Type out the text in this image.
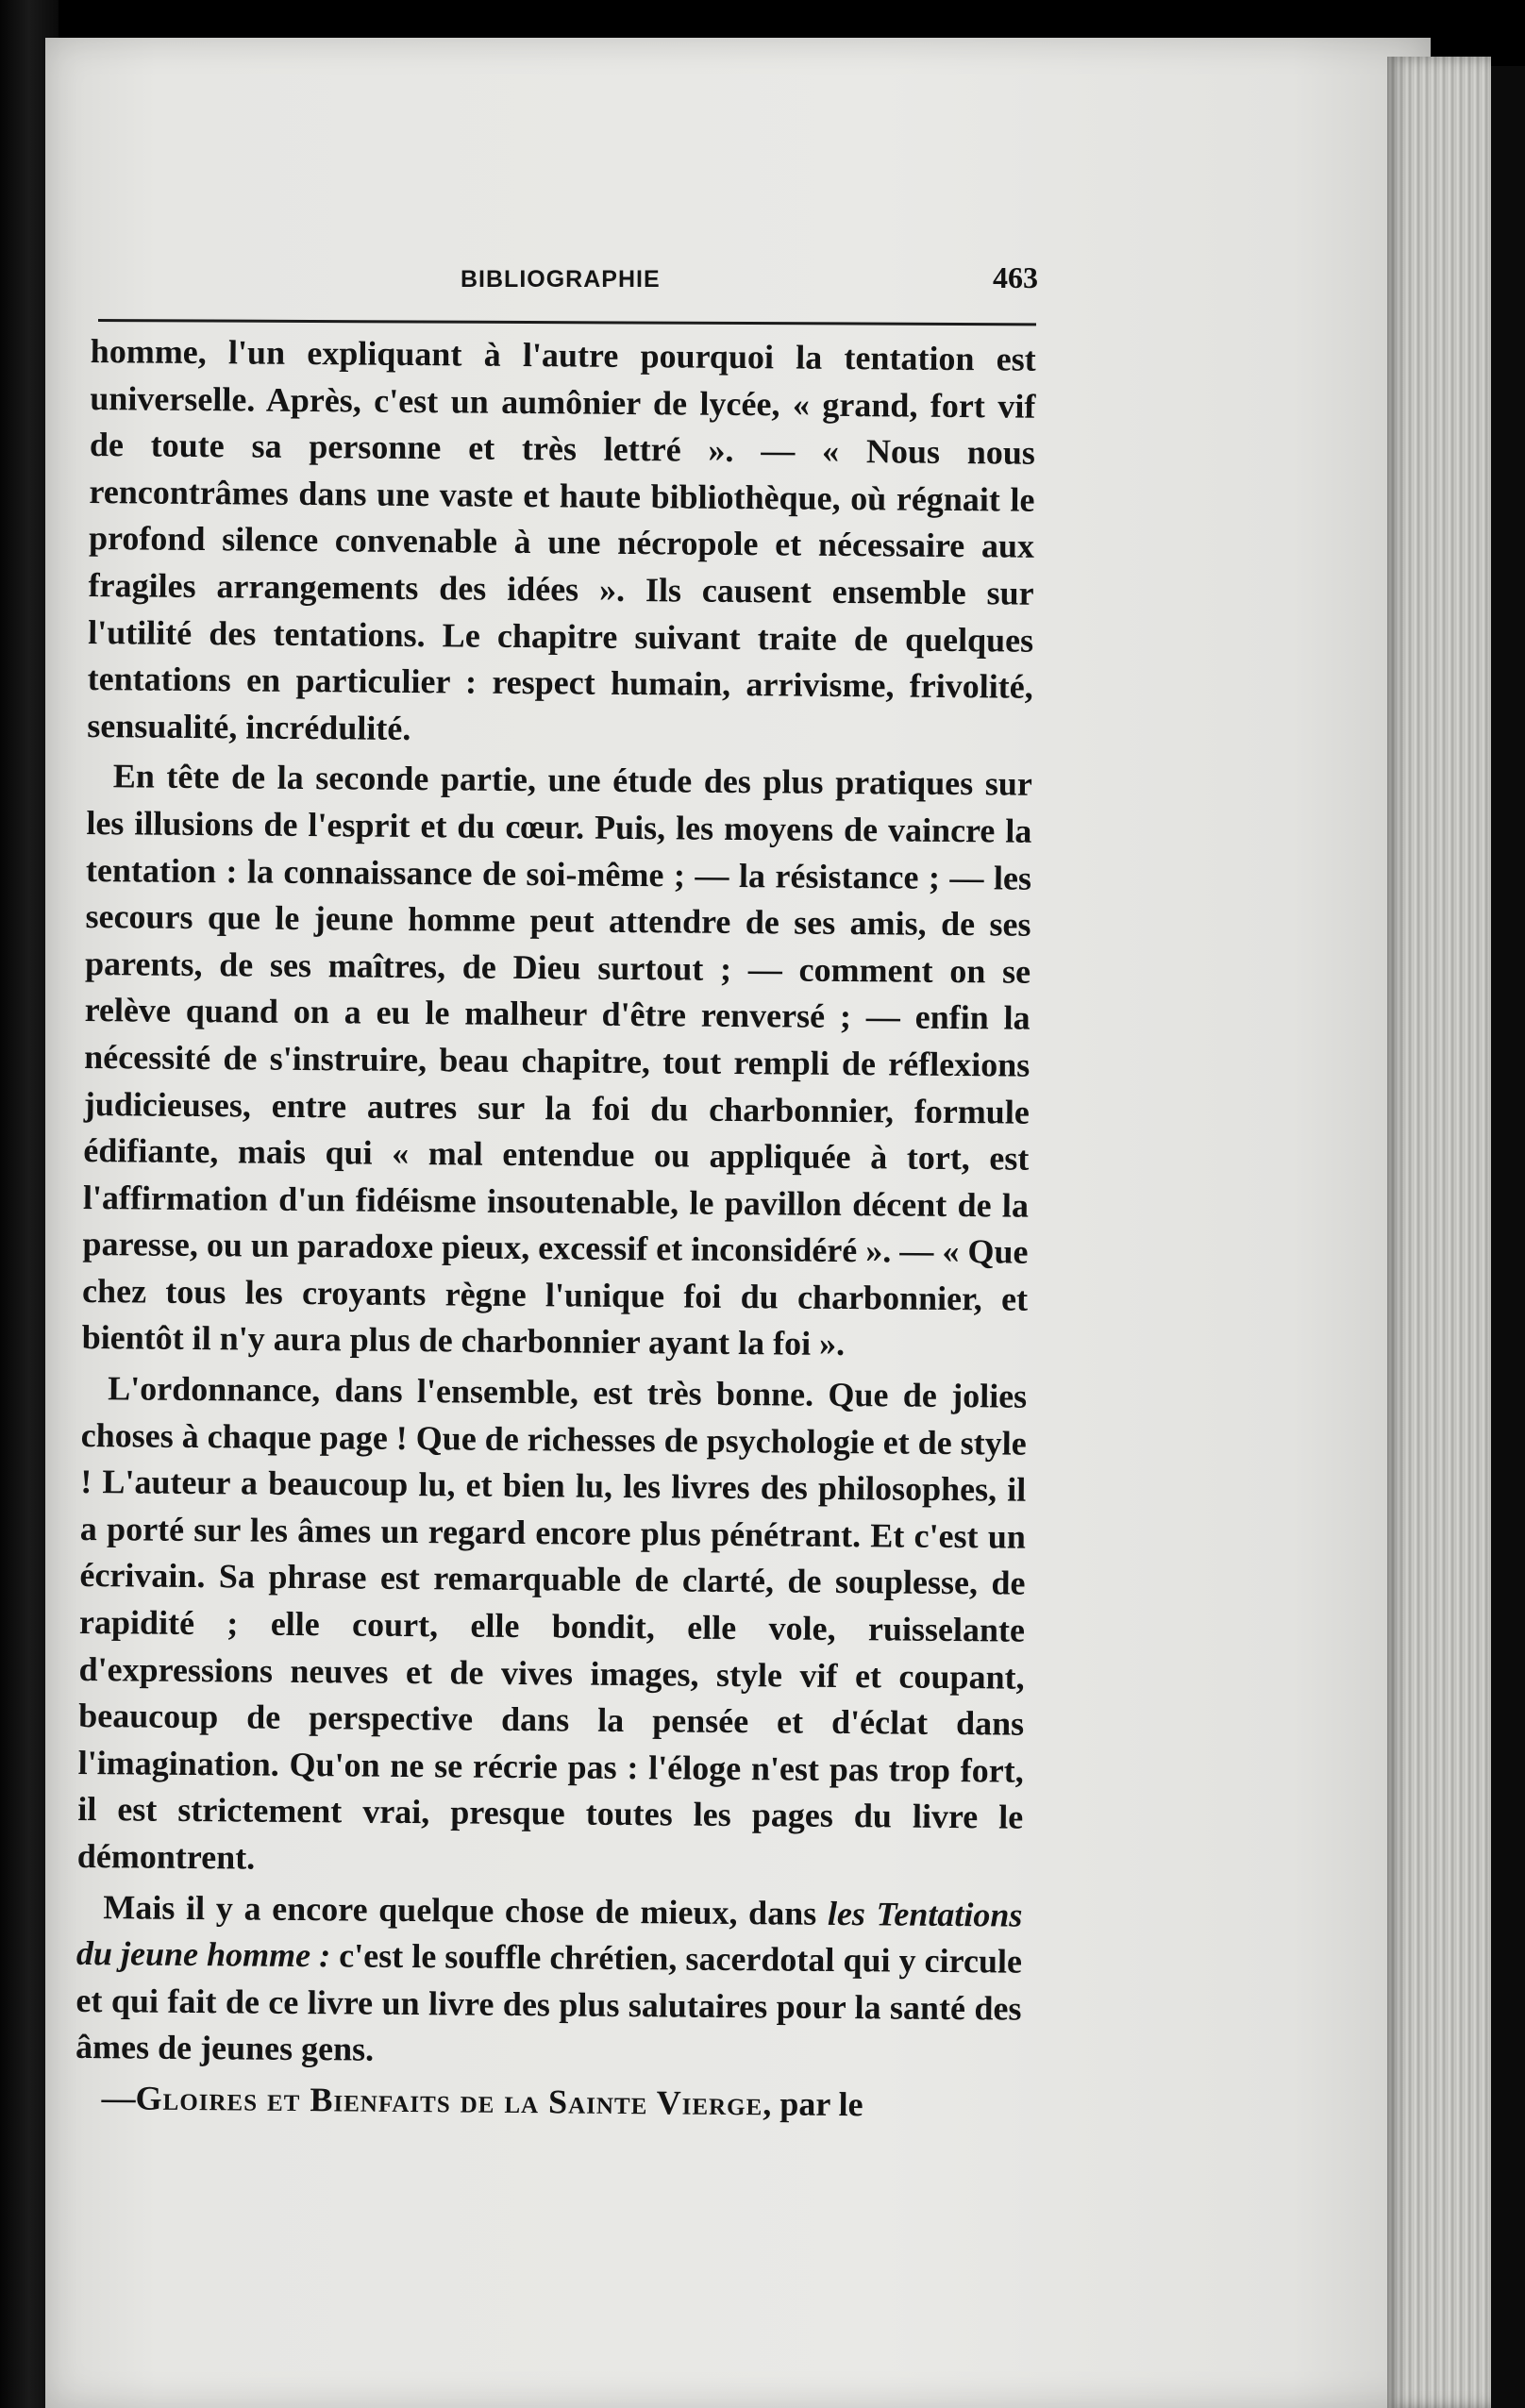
BIBLIOGRAPHIE	463

homme, l'un expliquant à l'autre pourquoi la tentation est universelle. Après, c'est un aumônier de lycée, « grand, fort vif de toute sa personne et très lettré ». — « Nous nous rencontrâmes dans une vaste et haute bibliothèque, où régnait le profond silence convenable à une nécropole et nécessaire aux fragiles arrangements des idées ». Ils causent ensemble sur l'utilité des tentations. Le chapitre suivant traite de quelques tentations en particulier : respect humain, arrivisme, frivolité, sensualité, incrédulité.

En tête de la seconde partie, une étude des plus pratiques sur les illusions de l'esprit et du cœur. Puis, les moyens de vaincre la tentation : la connaissance de soi-même ; — la résistance ; — les secours que le jeune homme peut attendre de ses amis, de ses parents, de ses maîtres, de Dieu surtout ; — comment on se relève quand on a eu le malheur d'être renversé ; — enfin la nécessité de s'instruire, beau chapitre, tout rempli de réflexions judicieuses, entre autres sur la foi du charbonnier, formule édifiante, mais qui « mal entendue ou appliquée à tort, est l'affirmation d'un fidéisme insoutenable, le pavillon décent de la paresse, ou un paradoxe pieux, excessif et inconsidéré ». — « Que chez tous les croyants règne l'unique foi du charbonnier, et bientôt il n'y aura plus de charbonnier ayant la foi ».

L'ordonnance, dans l'ensemble, est très bonne. Que de jolies choses à chaque page ! Que de richesses de psychologie et de style ! L'auteur a beaucoup lu, et bien lu, les livres des philosophes, il a porté sur les âmes un regard encore plus pénétrant. Et c'est un écrivain. Sa phrase est remarquable de clarté, de souplesse, de rapidité ; elle court, elle bondit, elle vole, ruisselante d'expressions neuves et de vives images, style vif et coupant, beaucoup de perspective dans la pensée et d'éclat dans l'imagination. Qu'on ne se récrie pas : l'éloge n'est pas trop fort, il est strictement vrai, presque toutes les pages du livre le démontrent.

Mais il y a encore quelque chose de mieux, dans les Tentations du jeune homme : c'est le souffle chrétien, sacerdotal qui y circule et qui fait de ce livre un livre des plus salutaires pour la santé des âmes de jeunes gens.

—Gloires et Bienfaits de la Sainte Vierge, par le
